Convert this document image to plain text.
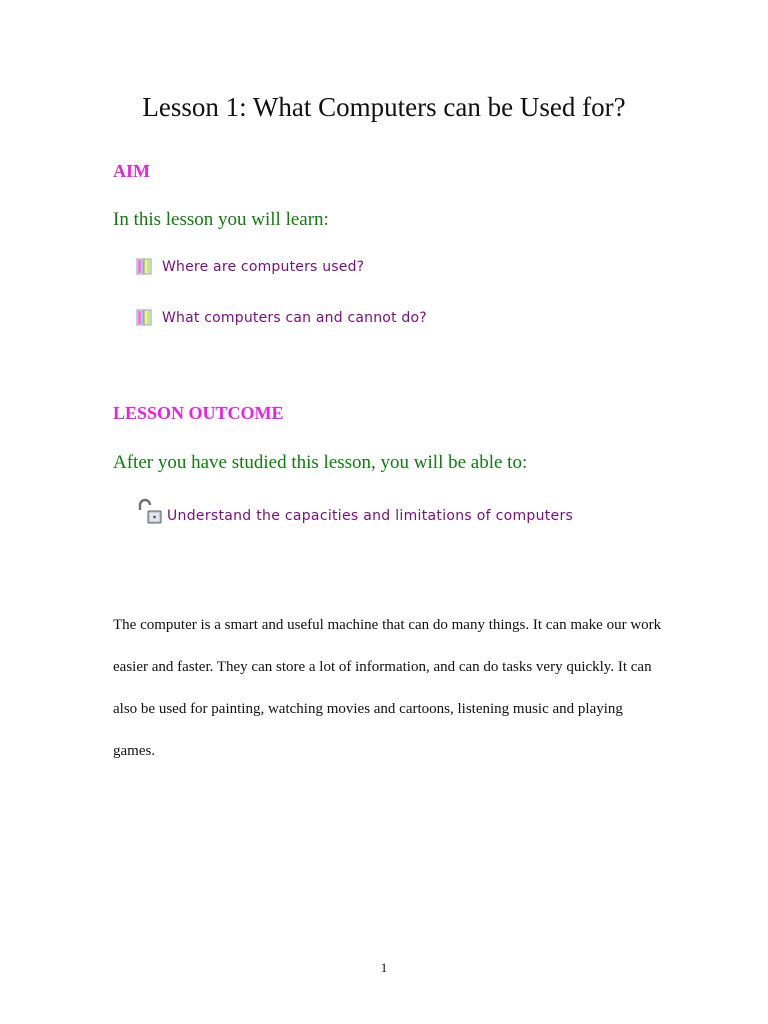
Lesson 1: What Computers can be Used for?
AIM

In this lesson you will learn:

Where are computers used?
What computers can and cannot do?
LESSON OUTCOME

After you have studied this lesson, you will be able to:

Understand the capacities and limitations of computers

The computer is a smart and useful machine that can do many things. It can make our work easier and faster. They can store a lot of information, and can do tasks very quickly. It can also be used for painting, watching movies and cartoons, listening music and playing games.

1
